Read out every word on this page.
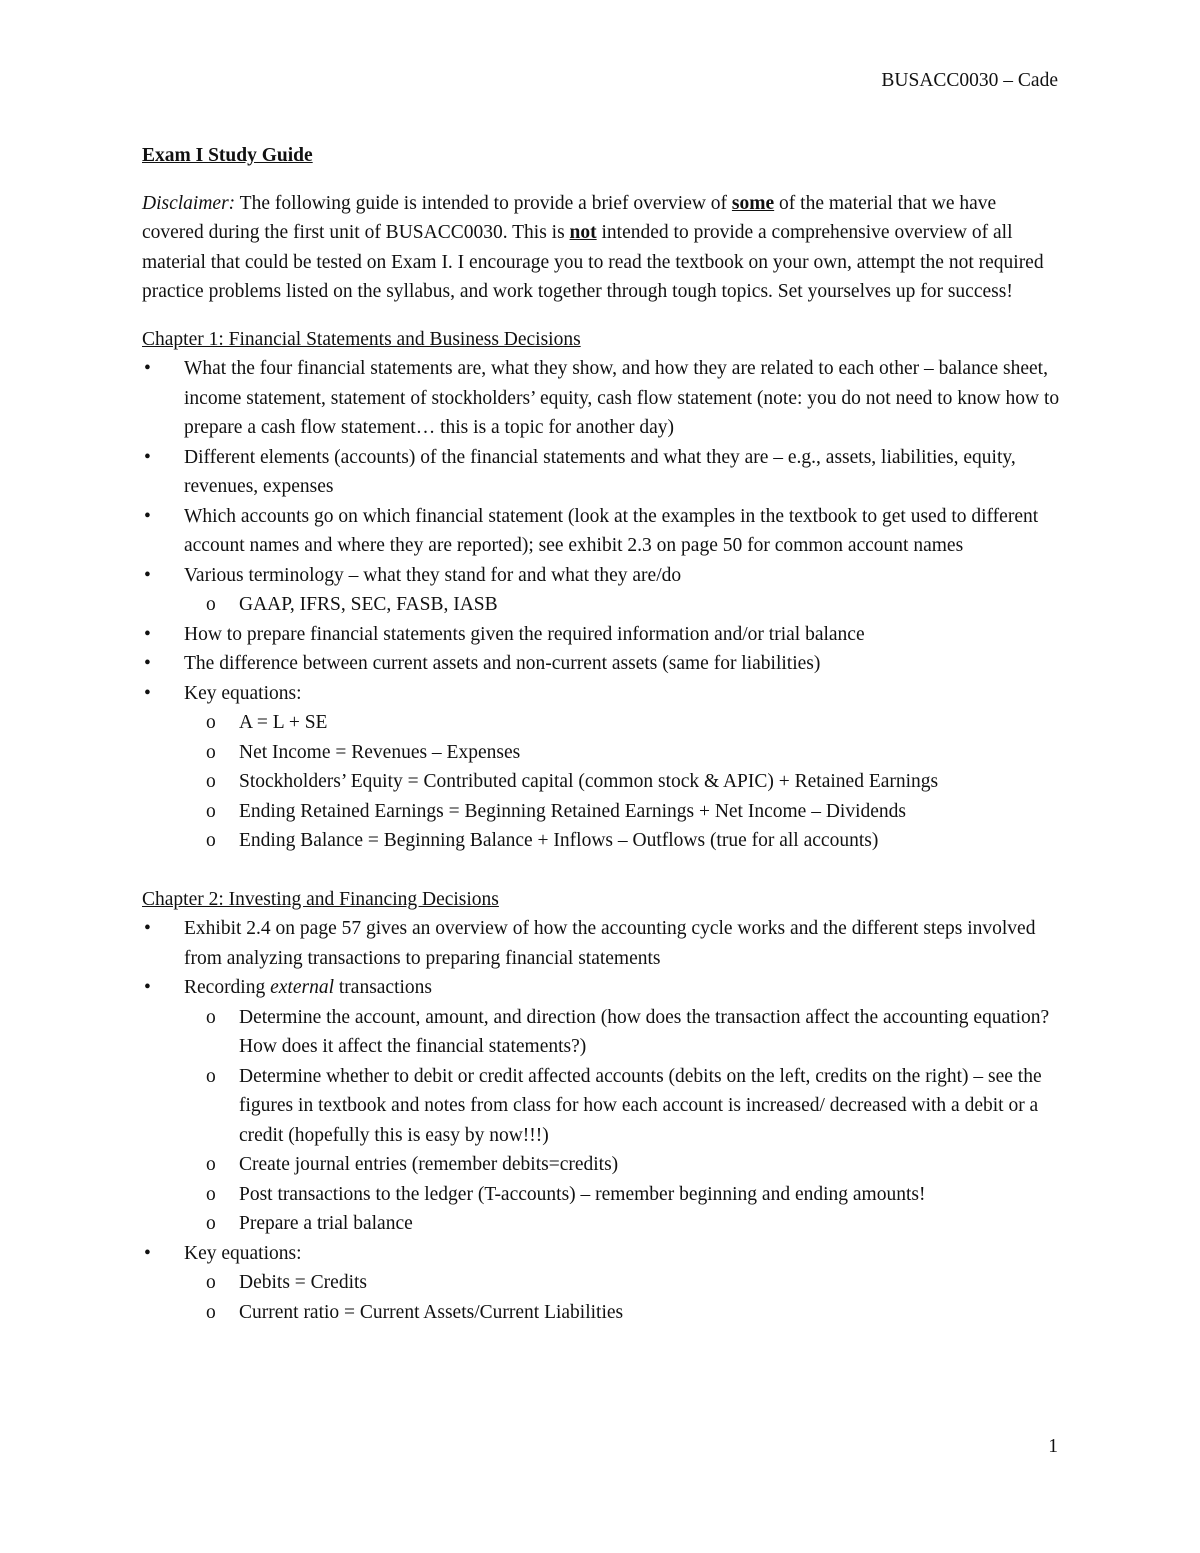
BUSACC0030 – Cade

Exam I Study Guide

Disclaimer: The following guide is intended to provide a brief overview of some of the material that we have covered during the first unit of BUSACC0030. This is not intended to provide a comprehensive overview of all material that could be tested on Exam I. I encourage you to read the textbook on your own, attempt the not required practice problems listed on the syllabus, and work together through tough topics. Set yourselves up for success!

Chapter 1: Financial Statements and Business Decisions

• What the four financial statements are, what they show, and how they are related to each other – balance sheet, income statement, statement of stockholders’ equity, cash flow statement (note: you do not need to know how to prepare a cash flow statement… this is a topic for another day)
• Different elements (accounts) of the financial statements and what they are – e.g., assets, liabilities, equity, revenues, expenses
• Which accounts go on which financial statement (look at the examples in the textbook to get used to different account names and where they are reported); see exhibit 2.3 on page 50 for common account names
• Various terminology – what they stand for and what they are/do
o GAAP, IFRS, SEC, FASB, IASB
• How to prepare financial statements given the required information and/or trial balance
• The difference between current assets and non-current assets (same for liabilities)
• Key equations:
o A = L + SE
o Net Income = Revenues – Expenses
o Stockholders’ Equity = Contributed capital (common stock & APIC) + Retained Earnings
o Ending Retained Earnings = Beginning Retained Earnings + Net Income – Dividends
o Ending Balance = Beginning Balance + Inflows – Outflows (true for all accounts)

Chapter 2: Investing and Financing Decisions

• Exhibit 2.4 on page 57 gives an overview of how the accounting cycle works and the different steps involved from analyzing transactions to preparing financial statements
• Recording external transactions
o Determine the account, amount, and direction (how does the transaction affect the accounting equation? How does it affect the financial statements?)
o Determine whether to debit or credit affected accounts (debits on the left, credits on the right) – see the figures in textbook and notes from class for how each account is increased/ decreased with a debit or a credit (hopefully this is easy by now!!!)
o Create journal entries (remember debits=credits)
o Post transactions to the ledger (T-accounts) – remember beginning and ending amounts!
o Prepare a trial balance
• Key equations:
o Debits = Credits
o Current ratio = Current Assets/Current Liabilities
1
